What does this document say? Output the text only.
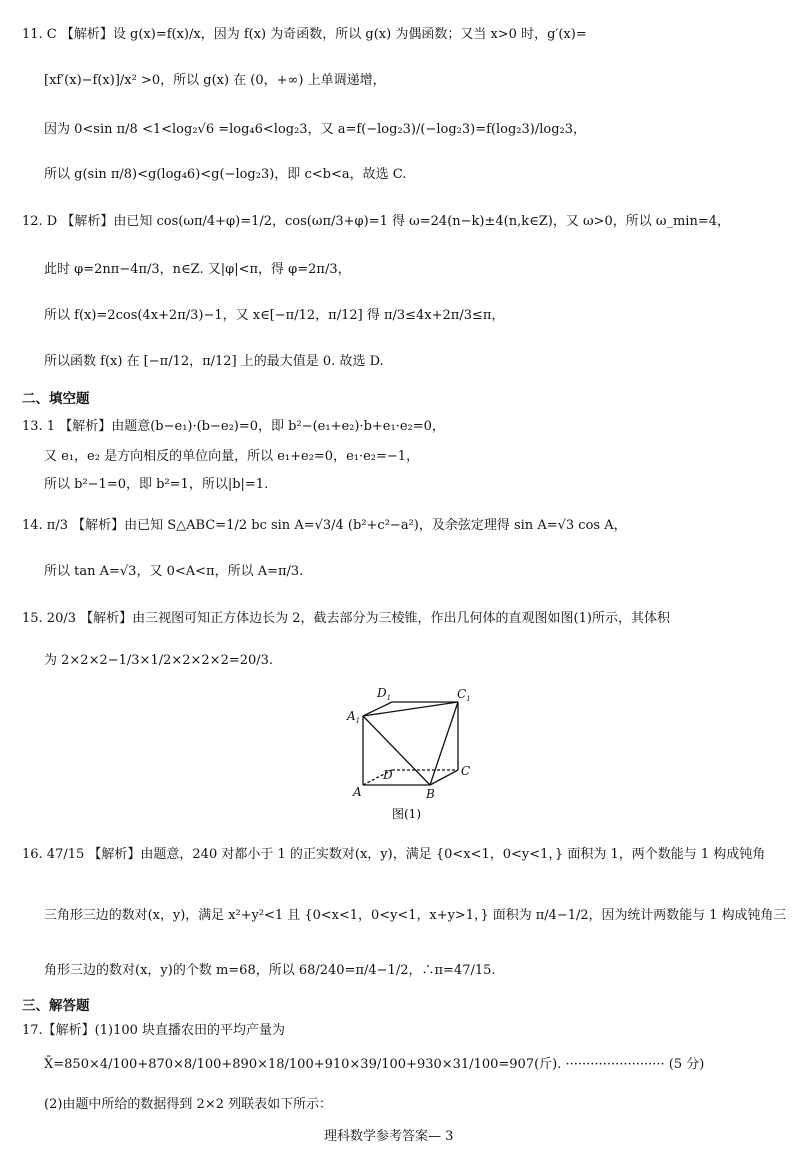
11. C 【解析】设 g(x)=f(x)/x，因为 f(x) 为奇函数，所以 g(x) 为偶函数；又当 x>0 时，g′(x)=
[xf′(x)−f(x)]/x² >0，所以 g(x) 在 (0，+∞) 上单调递增，
因为 0<sin π/8 <1<log₂√6 =log₄6<log₂3，又 a=f(−log₂3)/(−log₂3)=f(log₂3)/log₂3，
所以 g(sin π/8)<g(log₄6)<g(−log₂3)，即 c<b<a，故选 C.
12. D 【解析】由已知 cos(ωπ/4+φ)=1/2，cos(ωπ/3+φ)=1 得 ω=24(n−k)±4(n,k∈Z)，又 ω>0，所以 ω_min=4，
此时 φ=2nπ−4π/3，n∈Z. 又|φ|<π，得 φ=2π/3，
所以 f(x)=2cos(4x+2π/3)−1，又 x∈[−π/12，π/12] 得 π/3≤4x+2π/3≤π，
所以函数 f(x) 在 [−π/12，π/12] 上的最大值是 0. 故选 D.
二、填空题
13. 1 【解析】由题意(b−e₁)·(b−e₂)=0，即 b²−(e₁+e₂)·b+e₁·e₂=0，
又 e₁，e₂ 是方向相反的单位向量，所以 e₁+e₂=0，e₁·e₂=−1，
所以 b²−1=0，即 b²=1，所以|b|=1.
14. π/3 【解析】由已知 S△ABC=1/2 bc sin A=√3/4 (b²+c²−a²)，及余弦定理得 sin A=√3 cos A，
所以 tan A=√3，又 0<A<π，所以 A=π/3.
15. 20/3 【解析】由三视图可知正方体边长为 2，截去部分为三棱锥，作出几何体的直观图如图(1)所示，其体积
为 2×2×2−1/3×1/2×2×2×2=20/3.
$D_1$	$C_1$
$A_1$
D	C
A	B
图(1)
16. 47/15 【解析】由题意，240 对都小于 1 的正实数对(x，y)，满足 {0<x<1，0<y<1，} 面积为 1，两个数能与 1 构成钝角
三角形三边的数对(x，y)，满足 x²+y²<1 且 {0<x<1，0<y<1，x+y>1，} 面积为 π/4−1/2，因为统计两数能与 1 构成钝角三
角形三边的数对(x，y)的个数 m=68，所以 68/240=π/4−1/2，∴π=47/15.
三、解答题
17.【解析】(1)100 块直播农田的平均产量为
X̄=850×4/100+870×8/100+890×18/100+910×39/100+930×31/100=907(斤). ························ (5 分)
(2)由题中所给的数据得到 2×2 列联表如下所示：
理科数学参考答案— 3
